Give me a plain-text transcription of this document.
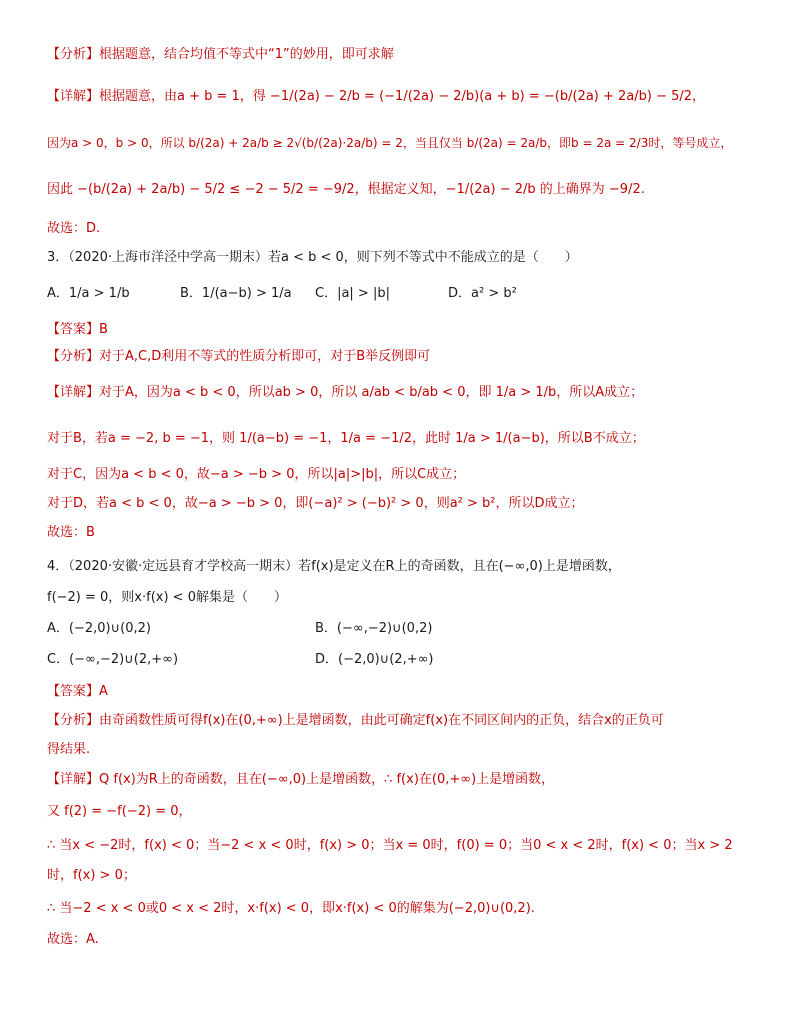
【分析】根据题意，结合均值不等式中“1”的妙用，即可求解
【详解】根据题意，由a + b = 1，得 −1/(2a) − 2/b = (−1/(2a) − 2/b)(a + b) = −(b/(2a) + 2a/b) − 5/2，
因为a > 0，b > 0，所以 b/(2a) + 2a/b ≥ 2√(b/(2a)·2a/b) = 2，当且仅当 b/(2a) = 2a/b，即b = 2a = 2/3时，等号成立，
因此 −(b/(2a) + 2a/b) − 5/2 ≤ −2 − 5/2 = −9/2，根据定义知，−1/(2a) − 2/b 的上确界为 −9/2.
故选：D.
3．（2020·上海市洋泾中学高一期末）若a < b < 0，则下列不等式中不能成立的是（　　）
A．1/a > 1/b	B．1/(a−b) > 1/a C．|a| > |b|	D．a² > b²
【答案】B
【分析】对于A,C,D利用不等式的性质分析即可，对于B举反例即可
【详解】对于A，因为a < b < 0，所以ab > 0，所以 a/ab < b/ab < 0，即 1/a > 1/b，所以A成立；
对于B，若a = −2, b = −1，则 1/(a−b) = −1，1/a = −1/2，此时 1/a > 1/(a−b)，所以B不成立；
对于C，因为a < b < 0，故−a > −b > 0，所以|a|>|b|，所以C成立；
对于D，若a < b < 0，故−a > −b > 0，即(−a)² > (−b)² > 0，则a² > b²，所以D成立；
故选：B
4．（2020·安徽·定远县育才学校高一期末）若f(x)是定义在R上的奇函数，且在(−∞,0)上是增函数，
f(−2) = 0，则x·f(x) < 0解集是（　　）
A．(−2,0)∪(0,2)	B．(−∞,−2)∪(0,2)
C．(−∞,−2)∪(2,+∞)	D．(−2,0)∪(2,+∞)
【答案】A
【分析】由奇函数性质可得f(x)在(0,+∞)上是增函数，由此可确定f(x)在不同区间内的正负，结合x的正负可
得结果.
【详解】Q f(x)为R上的奇函数，且在(−∞,0)上是增函数，∴ f(x)在(0,+∞)上是增函数，
又 f(2) = −f(−2) = 0，
∴ 当x < −2时，f(x) < 0；当−2 < x < 0时，f(x) > 0；当x = 0时，f(0) = 0；当0 < x < 2时，f(x) < 0；当x > 2
时，f(x) > 0；
∴ 当−2 < x < 0或0 < x < 2时，x·f(x) < 0，即x·f(x) < 0的解集为(−2,0)∪(0,2).
故选：A.
